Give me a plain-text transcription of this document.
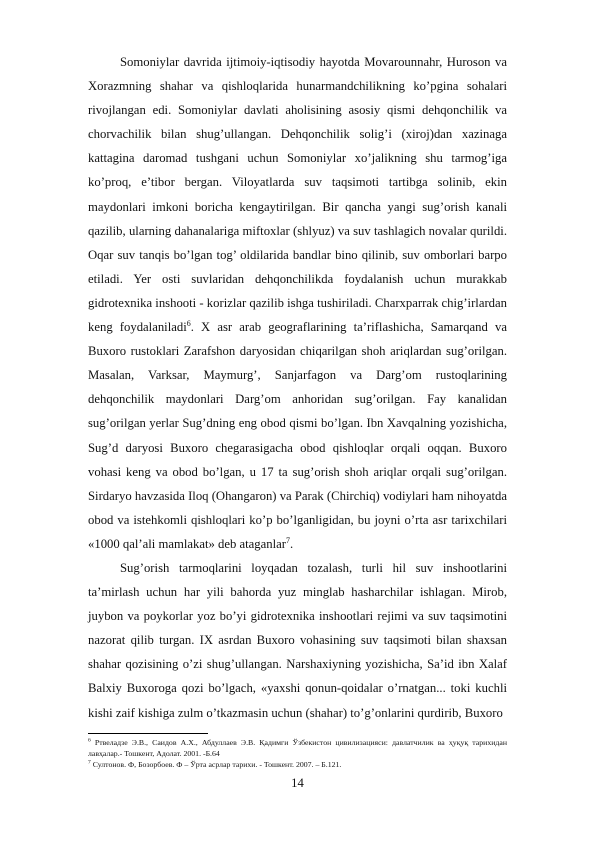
Somoniylar davrida ijtimoiy-iqtisodiy hayotda Movarounnahr, Huroson va Xorazmning shahar va qishloqlarida hunarmandchilikning ko’pgina sohalari rivojlangan edi. Somoniylar davlati aholisining asosiy qismi dehqonchilik va chorvachilik bilan shug’ullangan. Dehqonchilik solig’i (xiroj)dan xazinaga kattagina daromad tushgani uchun Somoniylar xo’jalikning shu tarmog’iga ko’proq, e’tibor bergan. Viloyatlarda suv taqsimoti tartibga solinib, ekin maydonlari imkoni boricha kengaytirilgan. Bir qancha yangi sug’orish kanali qazilib, ularning dahanalariga miftoxlar (shlyuz) va suv tashlagich novalar qurildi. Oqar suv tanqis bo’lgan tog’ oldilarida bandlar bino qilinib, suv omborlari barpo etiladi. Yer osti suvlaridan dehqonchilikda foydalanish uchun murakkab gidrotexnika inshooti - korizlar qazilib ishga tushiriladi. Charxparrak chig’irlardan keng foydalaniladi$^6$. X asr arab geograflarining ta’riflashicha, Samarqand va Buxoro rustoklari Zarafshon daryosidan chiqarilgan shoh ariqlardan sug’orilgan. Masalan, Varksar, Maymurg’, Sanjarfagon va Darg’om rustoqlarining dehqonchilik maydonlari Darg’om anhoridan sug’orilgan. Fay kanalidan sug’orilgan yerlar Sug’dning eng obod qismi bo’lgan. Ibn Xavqalning yozishicha, Sug’d daryosi Buxoro chegarasigacha obod qishloqlar orqali oqqan. Buxoro vohasi keng va obod bo’lgan, u 17 ta sug’orish shoh ariqlar orqali sug’orilgan. Sirdaryo havzasida Iloq (Ohangaron) va Parak (Chirchiq) vodiylari ham nihoyatda obod va istehkomli qishloqlari ko’p bo’lganligidan, bu joyni o’rta asr tarixchilari «1000 qal’ali mamlakat» deb ataganlar$^7$.

Sug’orish tarmoqlarini loyqadan tozalash, turli hil suv inshootlarini ta’mirlash uchun har yili bahorda yuz minglab hasharchilar ishlagan. Mirob, juybon va poykorlar yoz bo’yi gidrotexnika inshootlari rejimi va suv taqsimotini nazorat qilib turgan. IX asrdan Buxoro vohasining suv taqsimoti bilan shaxsan shahar qozisining o’zi shug’ullangan. Narshaxiyning yozishicha, Sa’id ibn Xalaf Balxiy Buxoroga qozi bo’lgach, «yaxshi qonun-qoidalar o’rnatgan... toki kuchli kishi zaif kishiga zulm o’tkazmasin uchun (shahar) to’g’onlarini qurdirib, Buxoro

$^6$ Ртвеладзе Э.В., Саидов А.Х., Абдуллаев Э.В. Қадимги Ўзбекистон цивилизацияси: давлатчилик ва ҳуқуқ тарихидан лавҳалар.- Тошкент, Адолат. 2001. -Б.64

$^7$ Султонов. Ф, Бозорбоев. Ф – Ўрта асрлар тарихи. - Тошкент. 2007. – Б.121.

14
